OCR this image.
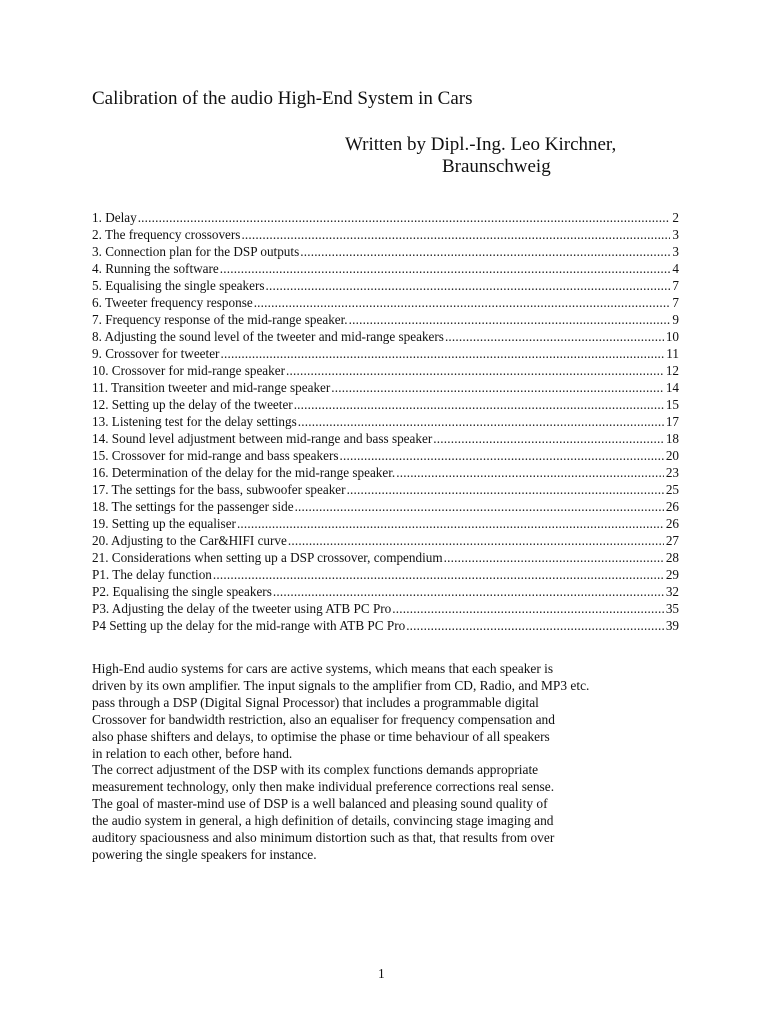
Calibration of the audio High-End System in Cars
Written by Dipl.-Ing. Leo Kirchner,
Braunschweig
1. Delay .....	2
2. The frequency crossovers .....	3
3. Connection plan for the DSP outputs .....	3
4. Running the software .....	4
5. Equalising the single speakers .....	7
6. Tweeter frequency response .....	7
7. Frequency response of the mid-range speaker. .....	9
8. Adjusting the sound level of the tweeter and mid-range speakers .....	10
9. Crossover for tweeter .....	11
10. Crossover for mid-range speaker .....	12
11. Transition tweeter and mid-range speaker .....	14
12. Setting up the delay of the tweeter .....	15
13. Listening test for the delay settings .....	17
14. Sound level adjustment between mid-range and bass speaker .....	18
15. Crossover for mid-range and bass speakers .....	20
16. Determination of the delay for the mid-range speaker. .....	23
17. The settings for the bass, subwoofer speaker .....	25
18. The settings for the passenger side .....	26
19. Setting up the equaliser .....	26
20. Adjusting to the Car&HIFI curve .....	27
21. Considerations when setting up a DSP crossover, compendium .....	28
P1. The delay function .....	29
P2. Equalising the single speakers .....	32
P3. Adjusting the delay of the tweeter using ATB PC Pro .....	35
P4 Setting up the delay for the mid-range with ATB PC Pro .....	39
High-End audio systems for cars are active systems, which means that each speaker is
driven by its own amplifier. The input signals to the amplifier from CD, Radio, and MP3 etc.
pass through a DSP (Digital Signal Processor) that includes a programmable digital
Crossover for bandwidth restriction, also an equaliser for frequency compensation and
also phase shifters and delays, to optimise the phase or time behaviour of all speakers
in relation to each other, before hand.
The correct adjustment of the DSP with its complex functions demands appropriate
measurement technology, only then make individual preference corrections real sense.
The goal of master-mind use of DSP is a well balanced and pleasing sound quality of
the audio system in general, a high definition of details, convincing stage imaging and
auditory spaciousness and also minimum distortion such as that, that results from over
powering the single speakers for instance.
1
